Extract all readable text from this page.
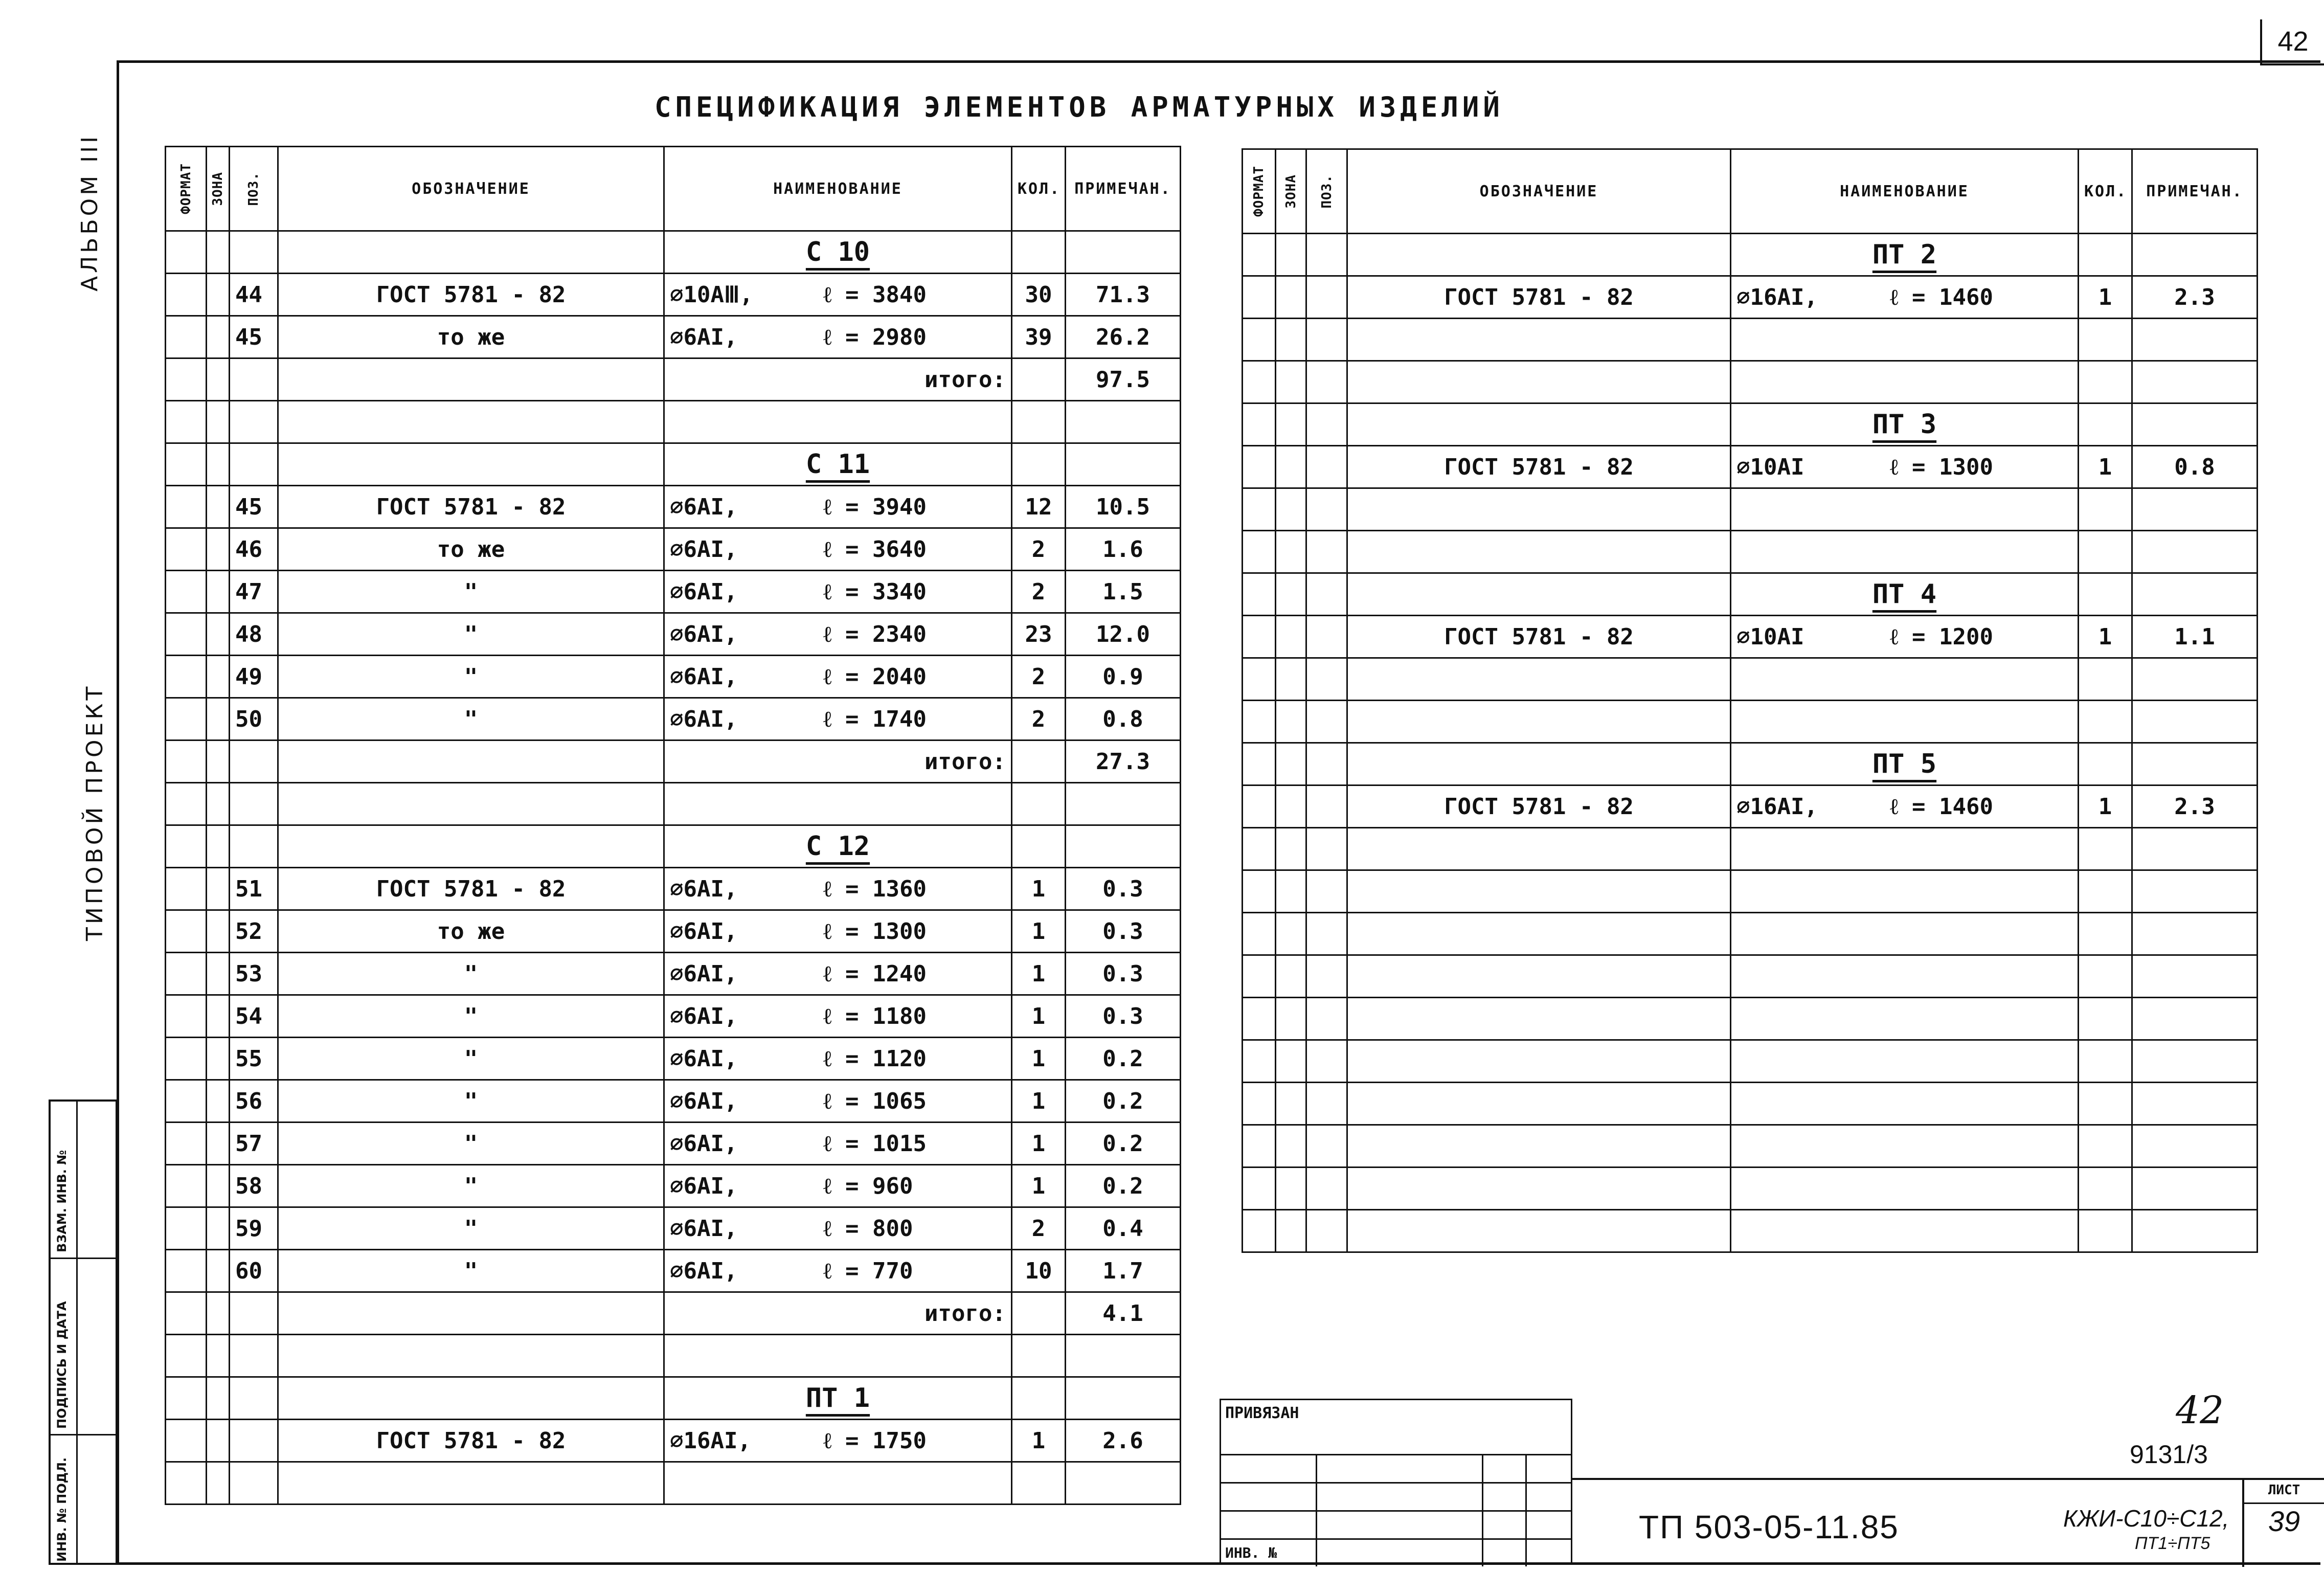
42
АЛЬБОМ III
ТИПОВОЙ ПРОЕКТ
ИНВ. № ПОДЛ.
ПОДПИСЬ И ДАТА
ВЗАМ. ИНВ. №
СПЕЦИФИКАЦИЯ ЭЛЕМЕНТОВ АРМАТУРНЫХ ИЗДЕЛИЙ
ФОРМАТ	ЗОНА	ПОЗ.	ОБОЗНАЧЕНИЕ	НАИМЕНОВАНИЕ	КОЛ.	ПРИМЕЧАН.
				С 10		
		44	ГОСТ 5781 - 82	⌀10АⅢ, ℓ = 3840	30	71.3
		45	то же	⌀6АI, ℓ = 2980	39	26.2
				итого:		97.5

				С 11		
		45	ГОСТ 5781 - 82	⌀6АI, ℓ = 3940	12	10.5
		46	то же	⌀6АI, ℓ = 3640	2	1.6
		47	"	⌀6АI, ℓ = 3340	2	1.5
		48	"	⌀6АI, ℓ = 2340	23	12.0
		49	"	⌀6АI, ℓ = 2040	2	0.9
		50	"	⌀6АI, ℓ = 1740	2	0.8
				итого:		27.3

				С 12		
		51	ГОСТ 5781 - 82	⌀6АI, ℓ = 1360	1	0.3
		52	то же	⌀6АI, ℓ = 1300	1	0.3
		53	"	⌀6АI, ℓ = 1240	1	0.3
		54	"	⌀6АI, ℓ = 1180	1	0.3
		55	"	⌀6АI, ℓ = 1120	1	0.2
		56	"	⌀6АI, ℓ = 1065	1	0.2
		57	"	⌀6АI, ℓ = 1015	1	0.2
		58	"	⌀6АI, ℓ = 960	1	0.2
		59	"	⌀6АI, ℓ = 800	2	0.4
		60	"	⌀6АI, ℓ = 770	10	1.7
				итого:		4.1

				ПТ 1		
			ГОСТ 5781 - 82	⌀16АI, ℓ = 1750	1	2.6

ФОРМАТ	ЗОНА	ПОЗ.	ОБОЗНАЧЕНИЕ	НАИМЕНОВАНИЕ	КОЛ.	ПРИМЕЧАН.
				ПТ 2		
			ГОСТ 5781 - 82	⌀16АI, ℓ = 1460	1	2.3

				ПТ 3		
			ГОСТ 5781 - 82	⌀10АI ℓ = 1300	1	0.8

				ПТ 4		
			ГОСТ 5781 - 82	⌀10АI ℓ = 1200	1	1.1

				ПТ 5		
			ГОСТ 5781 - 82	⌀16АI, ℓ = 1460	1	2.3

ПРИВЯЗАН
ИНВ. №
42
9131/3
ТП 503-05-11.85	КЖИ-С10÷С12,
ПТ1÷ПТ5
ЛИСТ
39
